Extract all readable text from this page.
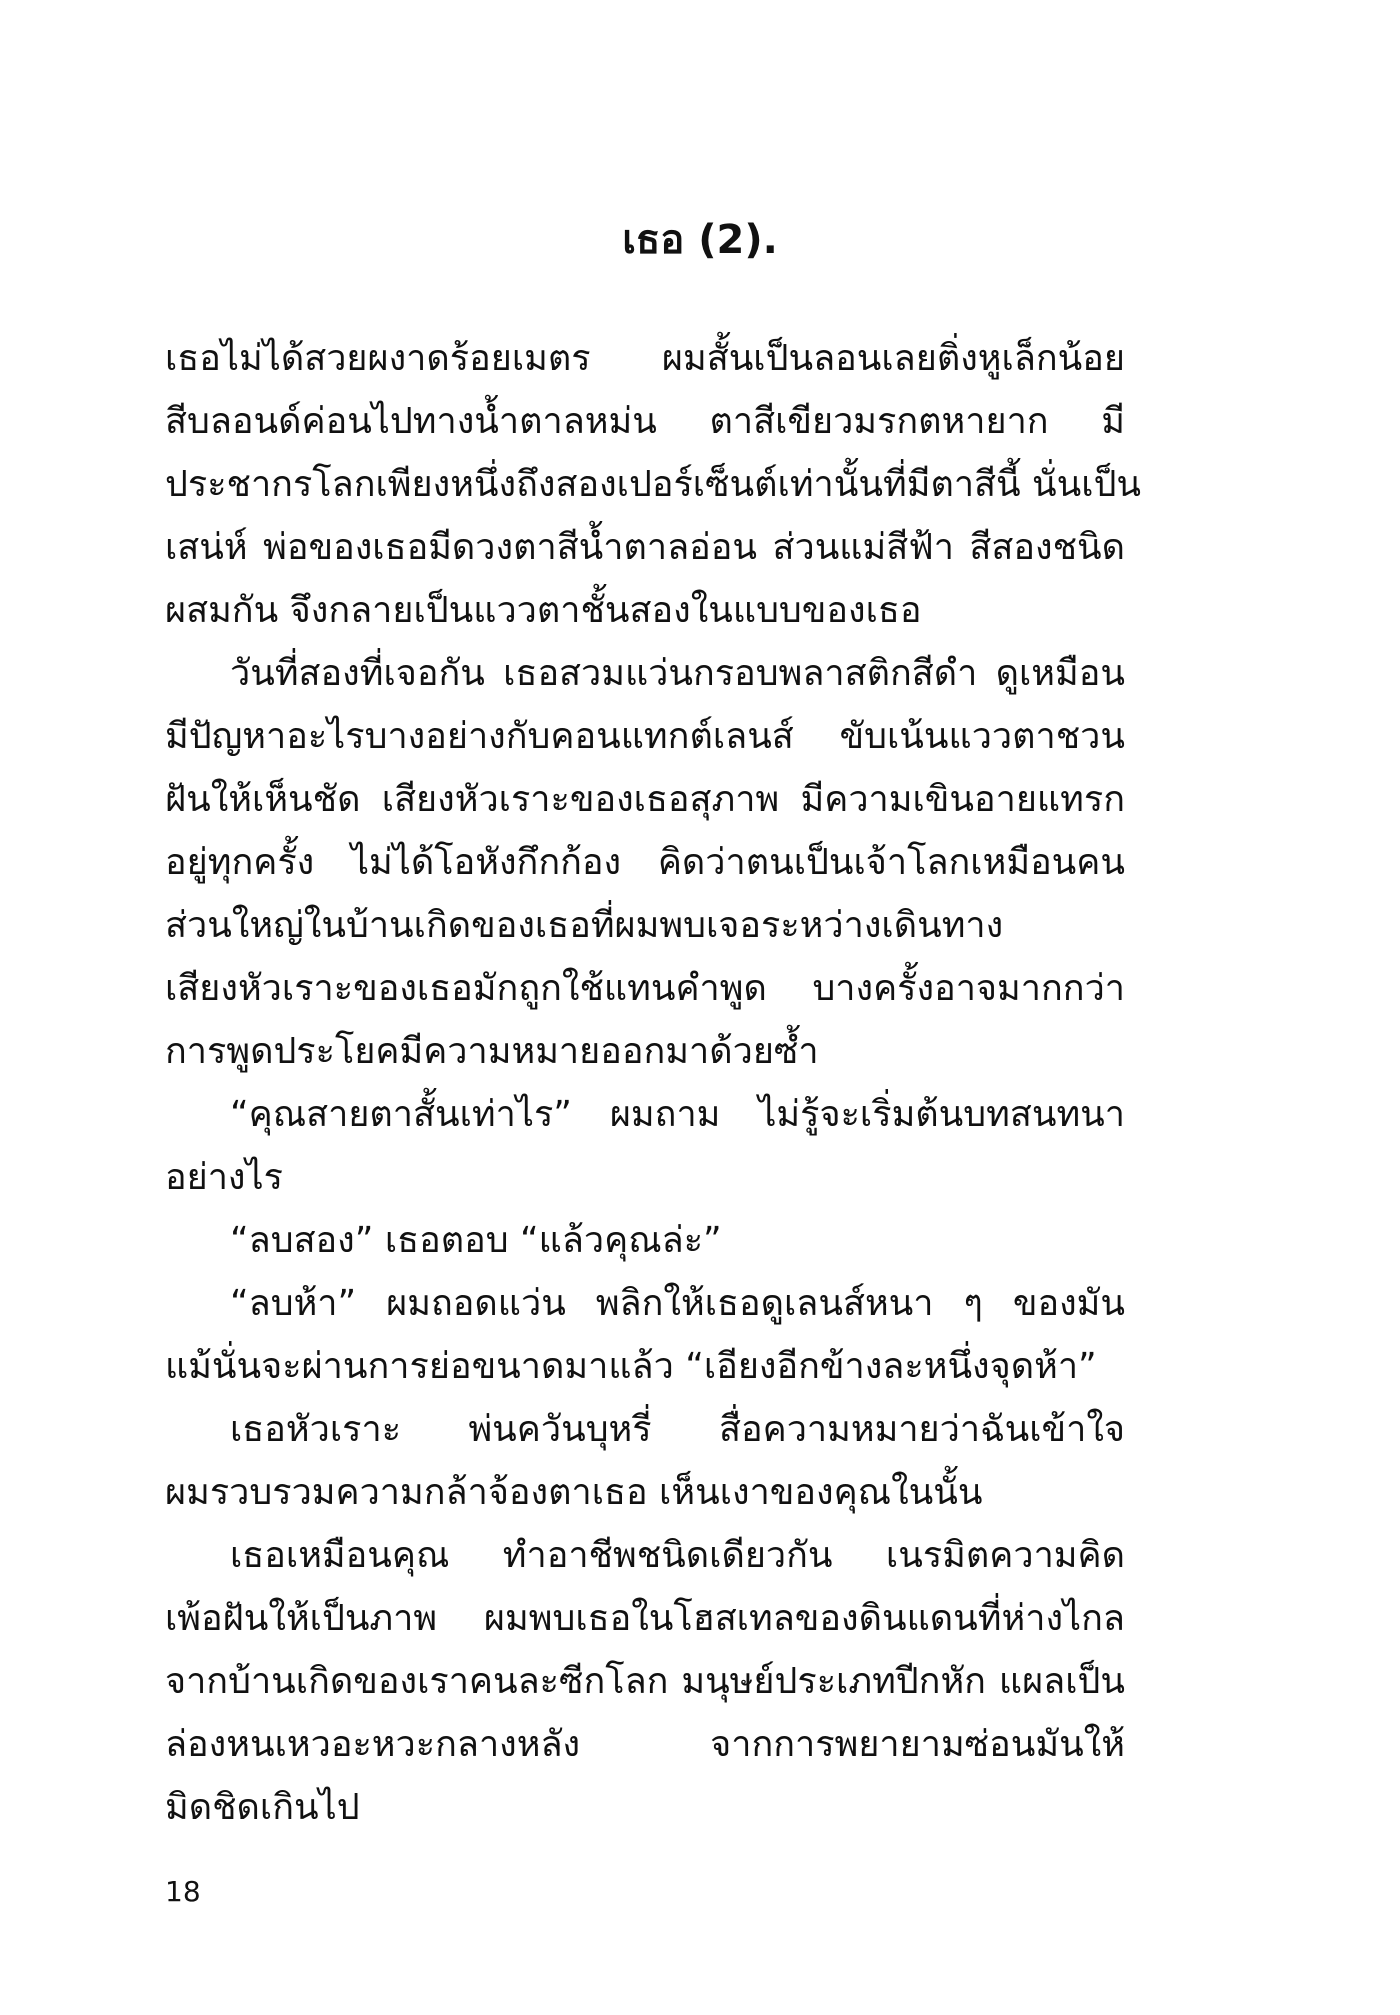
เธอ (2).
เธอไม่ได้สวยผงาดร้อยเมตร ผมสั้นเป็นลอนเลยติ่งหูเล็กน้อย
สีบลอนด์ค่อนไปทางน้ำตาลหม่น ตาสีเขียวมรกตหายาก มี
ประชากรโลกเพียงหนึ่งถึงสองเปอร์เซ็นต์เท่านั้นที่มีตาสีนี้ นั่นเป็น
เสน่ห์ พ่อของเธอมีดวงตาสีน้ำตาลอ่อน ส่วนแม่สีฟ้า สีสองชนิด
ผสมกัน จึงกลายเป็นแววตาชั้นสองในแบบของเธอ
วันที่สองที่เจอกัน เธอสวมแว่นกรอบพลาสติกสีดำ ดูเหมือน
มีปัญหาอะไรบางอย่างกับคอนแทกต์เลนส์ ขับเน้นแววตาชวน
ฝันให้เห็นชัด เสียงหัวเราะของเธอสุภาพ มีความเขินอายแทรก
อยู่ทุกครั้ง ไม่ได้โอหังกึกก้อง คิดว่าตนเป็นเจ้าโลกเหมือนคน
ส่วนใหญ่ในบ้านเกิดของเธอที่ผมพบเจอระหว่างเดินทาง
เสียงหัวเราะของเธอมักถูกใช้แทนคำพูด บางครั้งอาจมากกว่า
การพูดประโยคมีความหมายออกมาด้วยซ้ำ
“คุณสายตาสั้นเท่าไร” ผมถาม ไม่รู้จะเริ่มต้นบทสนทนา
อย่างไร
“ลบสอง” เธอตอบ “แล้วคุณล่ะ”
“ลบห้า” ผมถอดแว่น พลิกให้เธอดูเลนส์หนา ๆ ของมัน
แม้นั่นจะผ่านการย่อขนาดมาแล้ว “เอียงอีกข้างละหนึ่งจุดห้า”
เธอหัวเราะ พ่นควันบุหรี่ สื่อความหมายว่าฉันเข้าใจ
ผมรวบรวมความกล้าจ้องตาเธอ เห็นเงาของคุณในนั้น
เธอเหมือนคุณ ทำอาชีพชนิดเดียวกัน เนรมิตความคิด
เพ้อฝันให้เป็นภาพ ผมพบเธอในโฮสเทลของดินแดนที่ห่างไกล
จากบ้านเกิดของเราคนละซีกโลก มนุษย์ประเภทปีกหัก แผลเป็น
ล่องหนเหวอะหวะกลางหลัง จากการพยายามซ่อนมันให้
มิดชิดเกินไป
18
